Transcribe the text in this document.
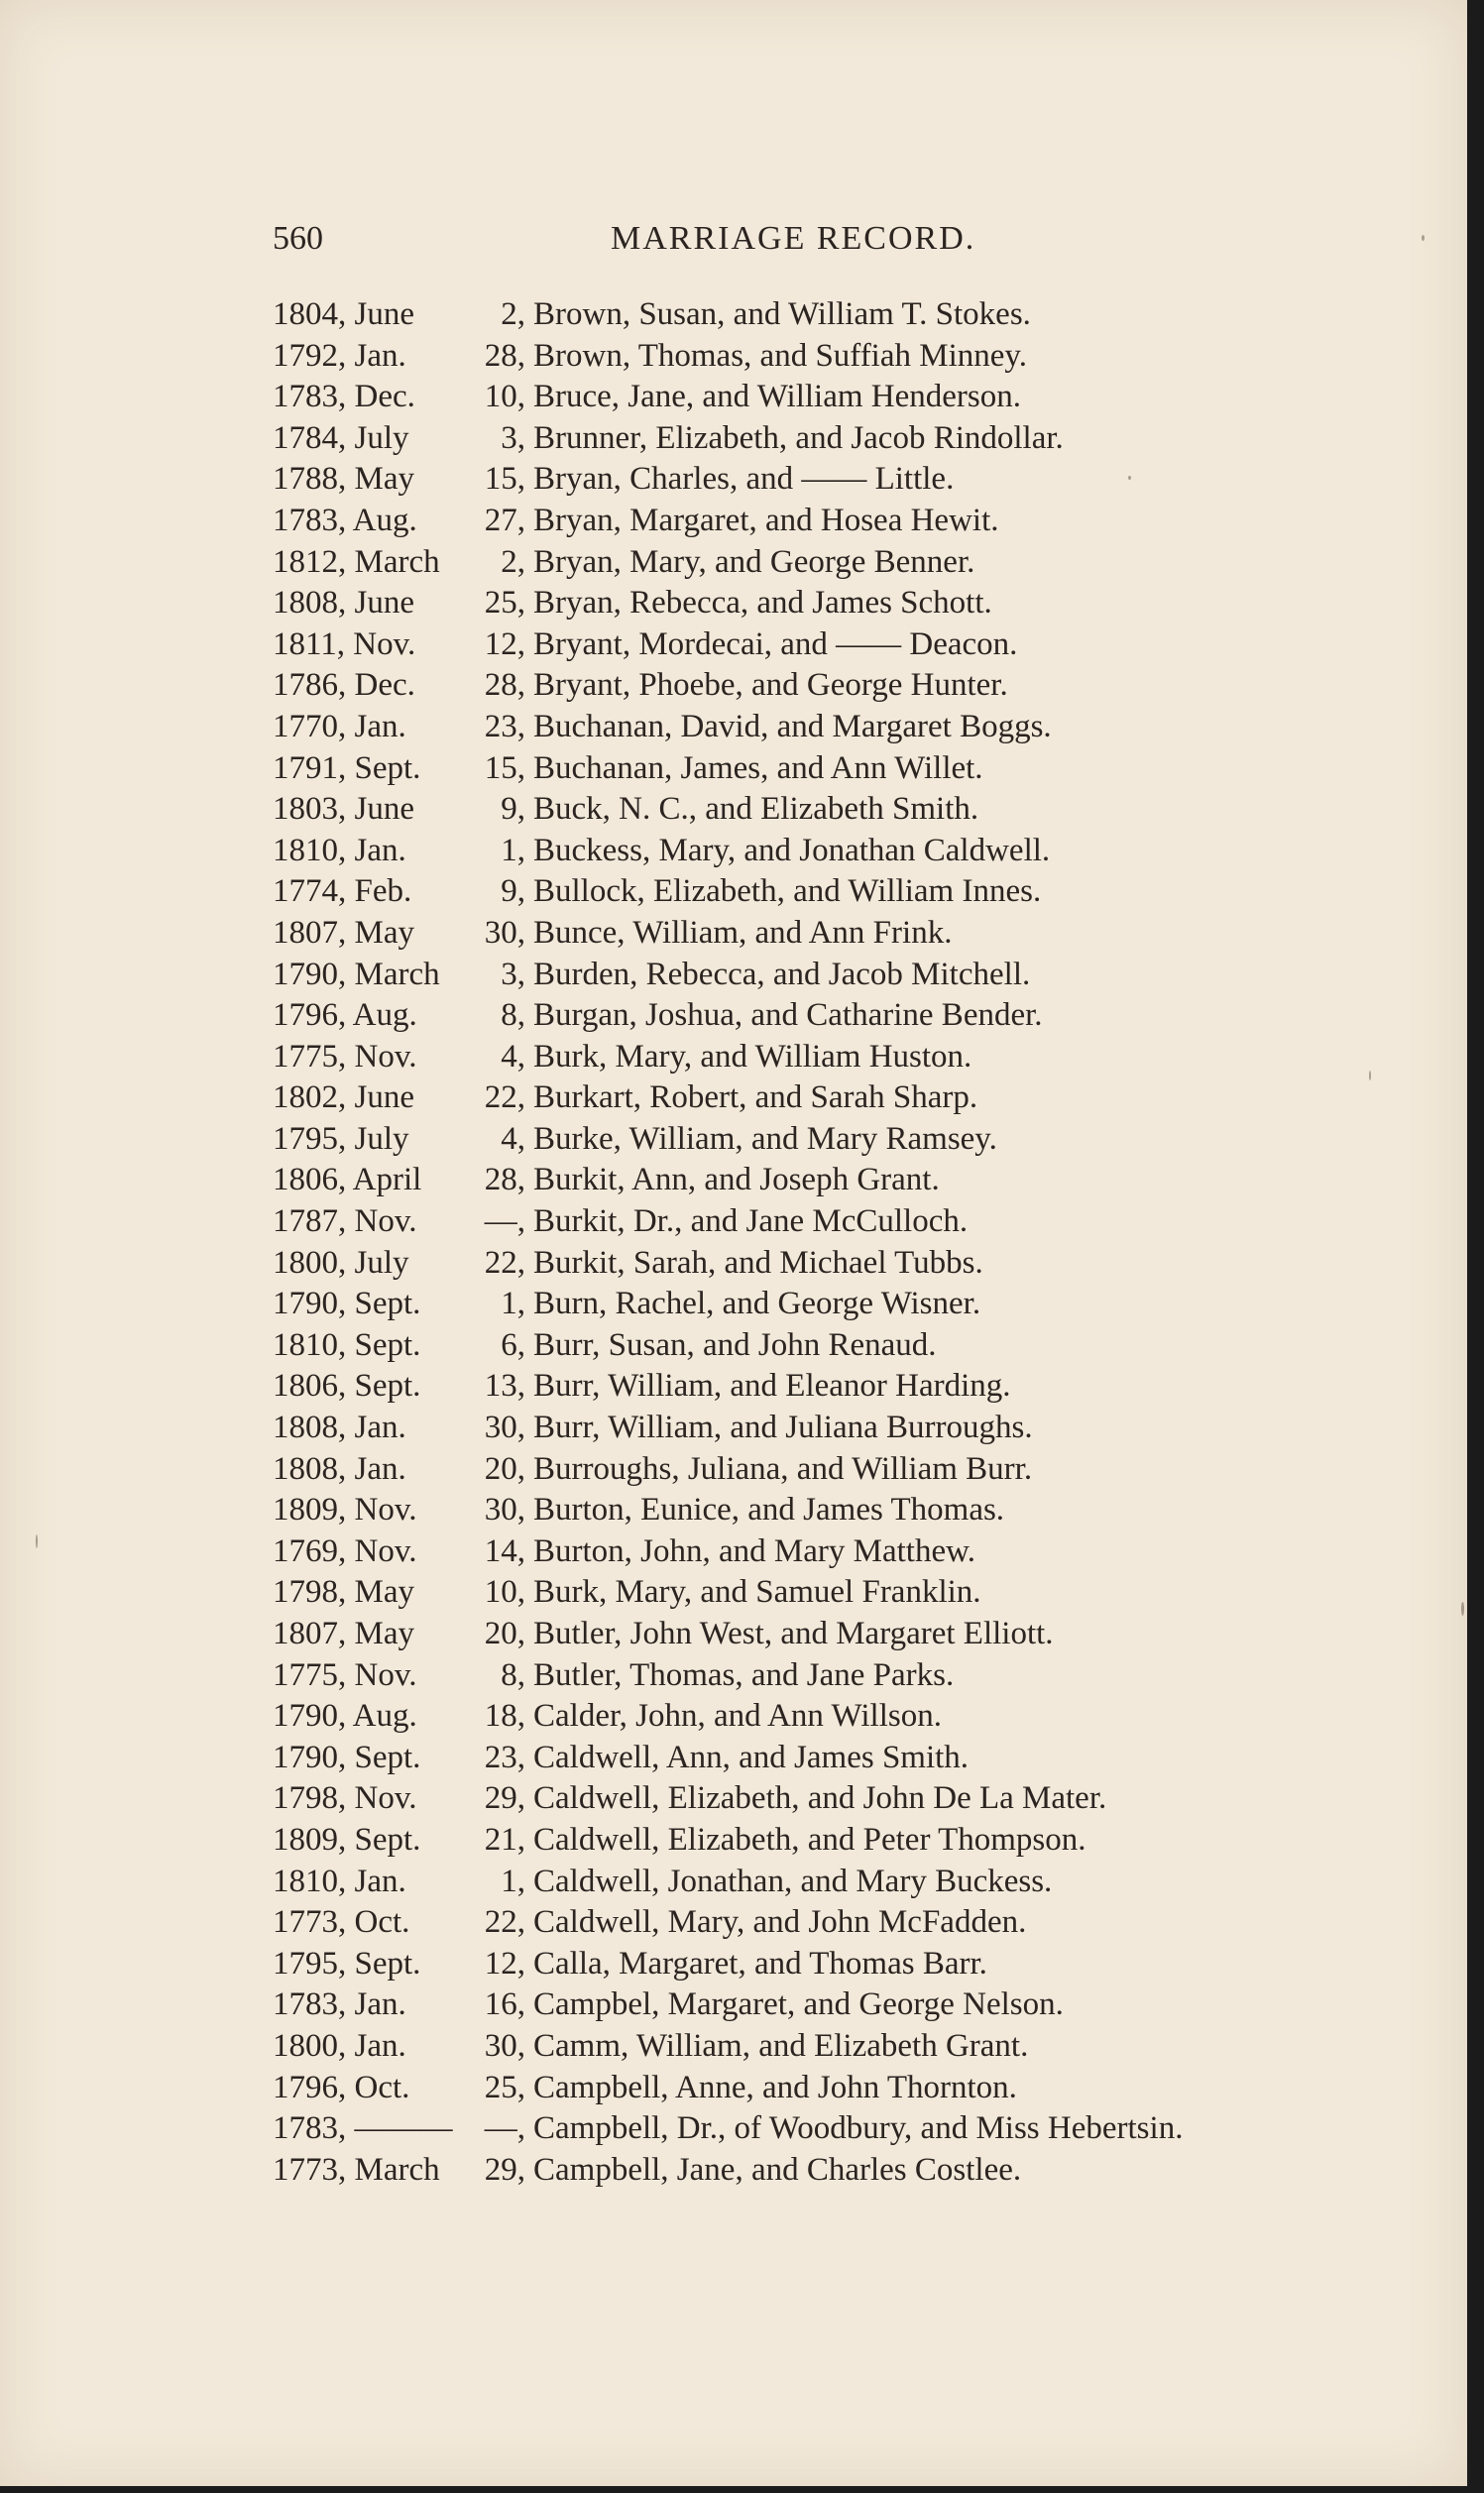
560	MARRIAGE RECORD.
1804, June	2, Brown, Susan, and William T. Stokes.
1792, Jan.	28, Brown, Thomas, and Suffiah Minney.
1783, Dec.	10, Bruce, Jane, and William Henderson.
1784, July	3, Brunner, Elizabeth, and Jacob Rindollar.
1788, May	15, Bryan, Charles, and —— Little.
1783, Aug.	27, Bryan, Margaret, and Hosea Hewit.
1812, March	2, Bryan, Mary, and George Benner.
1808, June	25, Bryan, Rebecca, and James Schott.
1811, Nov.	12, Bryant, Mordecai, and —— Deacon.
1786, Dec.	28, Bryant, Phoebe, and George Hunter.
1770, Jan.	23, Buchanan, David, and Margaret Boggs.
1791, Sept.	15, Buchanan, James, and Ann Willet.
1803, June	9, Buck, N. C., and Elizabeth Smith.
1810, Jan.	1, Buckess, Mary, and Jonathan Caldwell.
1774, Feb.	9, Bullock, Elizabeth, and William Innes.
1807, May	30, Bunce, William, and Ann Frink.
1790, March	3, Burden, Rebecca, and Jacob Mitchell.
1796, Aug.	8, Burgan, Joshua, and Catharine Bender.
1775, Nov.	4, Burk, Mary, and William Huston.
1802, June	22, Burkart, Robert, and Sarah Sharp.
1795, July	4, Burke, William, and Mary Ramsey.
1806, April	28, Burkit, Ann, and Joseph Grant.
1787, Nov.	—, Burkit, Dr., and Jane McCulloch.
1800, July	22, Burkit, Sarah, and Michael Tubbs.
1790, Sept.	1, Burn, Rachel, and George Wisner.
1810, Sept.	6, Burr, Susan, and John Renaud.
1806, Sept.	13, Burr, William, and Eleanor Harding.
1808, Jan.	30, Burr, William, and Juliana Burroughs.
1808, Jan.	20, Burroughs, Juliana, and William Burr.
1809, Nov.	30, Burton, Eunice, and James Thomas.
1769, Nov.	14, Burton, John, and Mary Matthew.
1798, May	10, Burk, Mary, and Samuel Franklin.
1807, May	20, Butler, John West, and Margaret Elliott.
1775, Nov.	8, Butler, Thomas, and Jane Parks.
1790, Aug.	18, Calder, John, and Ann Willson.
1790, Sept.	23, Caldwell, Ann, and James Smith.
1798, Nov.	29, Caldwell, Elizabeth, and John De La Mater.
1809, Sept.	21, Caldwell, Elizabeth, and Peter Thompson.
1810, Jan.	1, Caldwell, Jonathan, and Mary Buckess.
1773, Oct.	22, Caldwell, Mary, and John McFadden.
1795, Sept.	12, Calla, Margaret, and Thomas Barr.
1783, Jan.	16, Campbel, Margaret, and George Nelson.
1800, Jan.	30, Camm, William, and Elizabeth Grant.
1796, Oct.	25, Campbell, Anne, and John Thornton.
1783, ——— —, Campbell, Dr., of Woodbury, and Miss Hebertsin.
1773, March	29, Campbell, Jane, and Charles Costlee.
